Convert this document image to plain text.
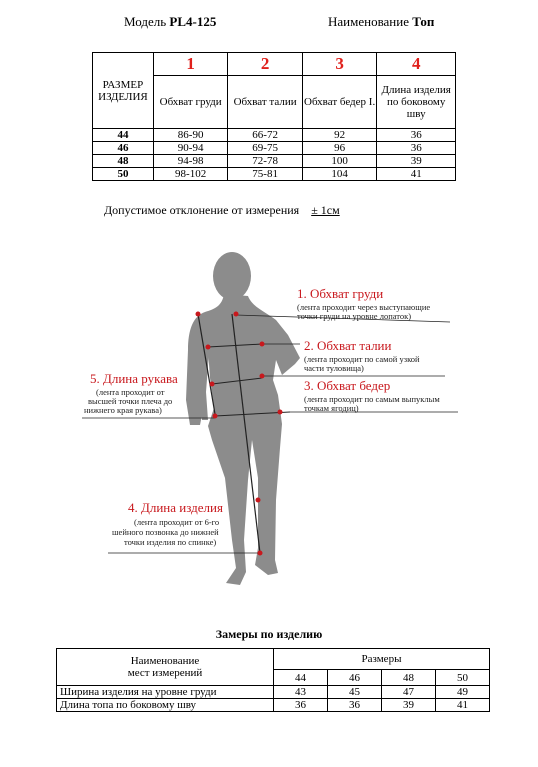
Модель PL4-125	Наименование Топ
РАЗМЕР ИЗДЕЛИЯ	1	2	3	4
	Обхват груди	Обхват талии	Обхват бедер I.	Длина изделия по боковому шву
44	86-90	66-72	92	36
46	90-94	69-75	96	36
48	94-98	72-78	100	39
50	98-102	75-81	104	41
Допустимое отклонение от измерения ± 1см
1. Обхват груди
(лента проходит через выступающие
точки груди на уровне лопаток)
2. Обхват талии
(лента проходит по самой узкой
части туловища)
3. Обхват бедер
(лента проходит по самым выпуклым
точкам ягодиц)
5. Длина рукава
(лента проходит от
высшей точки плеча до
нижнего края рукава)
4. Длина изделия
(лента проходит от 6-го
шейного позвонка до нижней
точки изделия по спинке)
Замеры по изделию
Наименование
мест измерений	Размеры			
	44	46	48	50
Ширина изделия на уровне груди	43	45	47	49
Длина топа по боковому шву	36	36	39	41
